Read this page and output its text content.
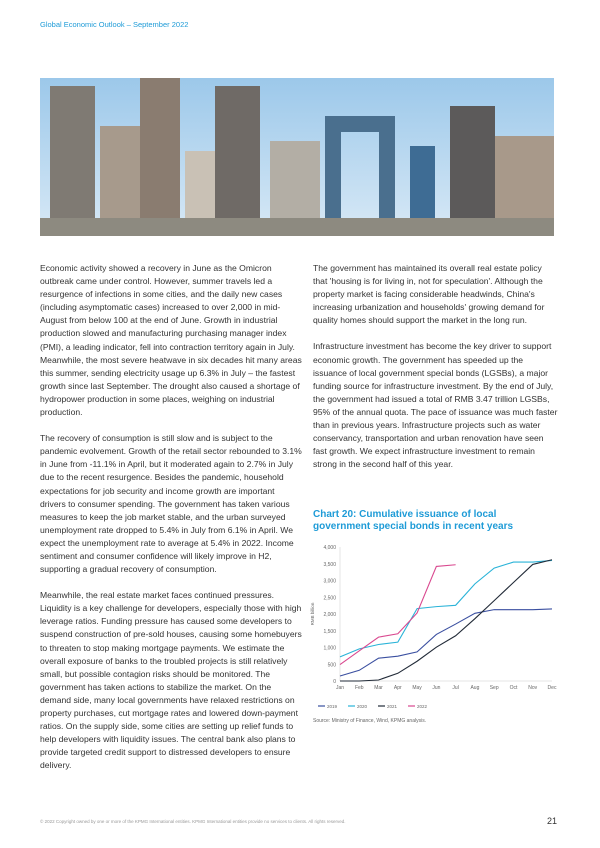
Global Economic Outlook – September 2022

Economic activity showed a recovery in June as the Omicron outbreak came under control. However, summer travels led a resurgence of infections in some cities, and the daily new cases (including asymptomatic cases) increased to over 2,000 in mid-August from below 100 at the end of June. Growth in industrial production slowed and manufacturing purchasing manager index (PMI), a leading indicator, fell into contraction territory again in July. Meanwhile, the most severe heatwave in six decades hit many areas this summer, sending electricity usage up 6.3% in July – the fastest growth since last September. The drought also caused a shortage of hydropower production in some places, weighing on industrial production.

The recovery of consumption is still slow and is subject to the pandemic evolvement. Growth of the retail sector rebounded to 3.1% in June from -11.1% in April, but it moderated again to 2.7% in July due to the recent resurgence. Besides the pandemic, household expectations for job security and income growth are important drivers to consumer spending. The government has taken various measures to keep the job market stable, and the urban surveyed unemployment rate dropped to 5.4% in July from 6.1% in April. We expect the unemployment rate to average at 5.4% in 2022. Income sentiment and consumer confidence will likely improve in H2, supporting a gradual recovery of consumption.

Meanwhile, the real estate market faces continued pressures. Liquidity is a key challenge for developers, especially those with high leverage ratios. Funding pressure has caused some developers to suspend construction of pre-sold houses, causing some homebuyers to threaten to stop making mortgage payments. We estimate the overall exposure of banks to the troubled projects is still relatively small, but possible contagion risks should be monitored. The government has taken actions to stabilize the market. On the demand side, many local governments have relaxed restrictions on property purchases, cut mortgage rates and lowered down-payment ratios. On the supply side, some cities are setting up relief funds to help developers with liquidity issues. The central bank also plans to provide targeted credit support to distressed developers to ensure delivery.

The government has maintained its overall real estate policy that 'housing is for living in, not for speculation'. Although the property market is facing considerable headwinds, China's increasing urbanization and households' growing demand for quality homes should support the market in the long run.

Infrastructure investment has become the key driver to support economic growth. The government has speeded up the issuance of local government special bonds (LGSBs), a major funding source for infrastructure investment. By the end of July, the government had issued a total of RMB 3.47 trillion LGSBs, 95% of the annual quota. The pace of issuance was much faster than in previous years. Infrastructure projects such as water conservancy, transportation and urban renovation have seen fast growth. We expect infrastructure investment to remain strong in the second half of this year.

Chart 20: Cumulative issuance of local government special bonds in recent years
0
500
1,000
1,500
2,000
2,500
3,000
3,500
4,000
Jan Feb Mar Apr May Jun Jul Aug Sep Oct Nov Dec
RMB billion
2019	2020	2021	2022
Source: Ministry of Finance, Wind, KPMG analysis.
© 2022 Copyright owned by one or more of the KPMG International entities. KPMG International entities provide no services to clients. All rights reserved.	21
